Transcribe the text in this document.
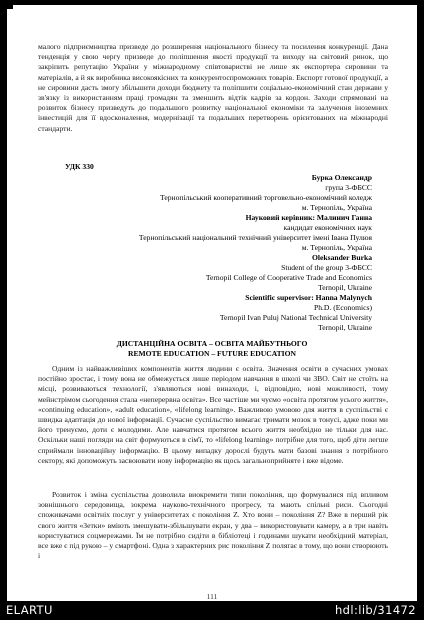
малого підприємництва призведе до розширення національного бізнесу та посилення конкуренції. Дана тенденція у свою чергу призведе до поліпшення якості продукції та виходу на світовий ринок, що закріпить репутацію України у міжнародному співтоваристві не лише як експортера сировини та матеріалів, а й як виробника високоякісних та конкурентоспроможних товарів. Експорт готової продукції, а не сировини дасть змогу збільшити доходи бюджету та поліпшити соціально-економічний стан держави у зв'язку із використанням праці громадян та зменшить відтік кадрів за кордон. Заходи спрямовані на розвиток бізнесу призведуть до подальшого розвитку національної економіки та залучення іноземних інвестицій для її вдосконалення, модернізації та подальших перетворень орієнтованих на міжнародні стандарти.

УДК 330

Бурка Олександр
група 3-ФБСС
Тернопільський кооперативний торговельно-економічний коледж
м. Тернопіль, Україна
Науковий керівник: Малинич Ганна
кандидат економічних наук
Тернопільський національний технічний університет імені Івана Пулюя
м. Тернопіль, Україна
Oleksander Burka
Student of the group 3-ФБСС
Ternopil College of Cooperative Trade and Economics
Ternopil, Ukraine
Scientific supervisor: Hanna Malynych
Ph.D. (Economics)
Ternopil Ivan Puluj National Technical University
Ternopil, Ukraine
ДИСТАНЦІЙНА ОСВІТА – ОСВІТА МАЙБУТНЬОГО
REMOTE EDUCATION – FUTURE EDUCATION

Одним із найважливіших компонентів життя людини є освіта. Значення освіти в сучасних умовах постійно зростає, і тому вона не обмежується лише періодом навчання в школі чи ЗВО. Світ не стоїть на місці, розвиваються технології, з'являються нові винаходи, і, відповідно, нові можливості, тому мейнстрімом сьогодення стала «неперервна освіта». Все частіше ми чуємо «освіта протягом усього життя», «continuing education», «adult education», «lifelong learning». Важливою умовою для життя в суспільстві є швидка адаптація до нової інформації. Сучасне суспільство вимагає тримати мозок в тонусі, адже поки ми його тренуємо, доти є молодими. Але навчатися протягом всього життя необхідно не тільки для нас. Оскільки наші погляди на світ формуються в сім'ї, то «lifelong learning» потрібне для того, щоб діти легше сприймали інноваційну інформацію. В цьому випадку дорослі будуть мати базові знання з потрібного сектору, які допоможуть засвоювати нову інформацію як щось загальноприйняте і вже відоме.

Розвиток і зміна суспільства дозволила виокремити типи покоління, що формувалися під впливом зовнішнього середовища, зокрема науково-технічного прогресу, та мають спільні риси. Сьогодні споживачами освітніх послуг у університетах є покоління Z. Хто вони – покоління Z? Вже в перший рік свого життя «Зетки» вміють змешувати-збільшувати екран, у два – використовувати камеру, а в три навіть користуватися соцмережами. Їм не потрібно сидіти в бібліотеці і годинами шукати необхідний матеріал, все вже є під рукою – у смартфоні. Одна з характерних рис покоління Z полягає в тому, що вони створюють і

111
ELARTU	hdl:lib/31472
